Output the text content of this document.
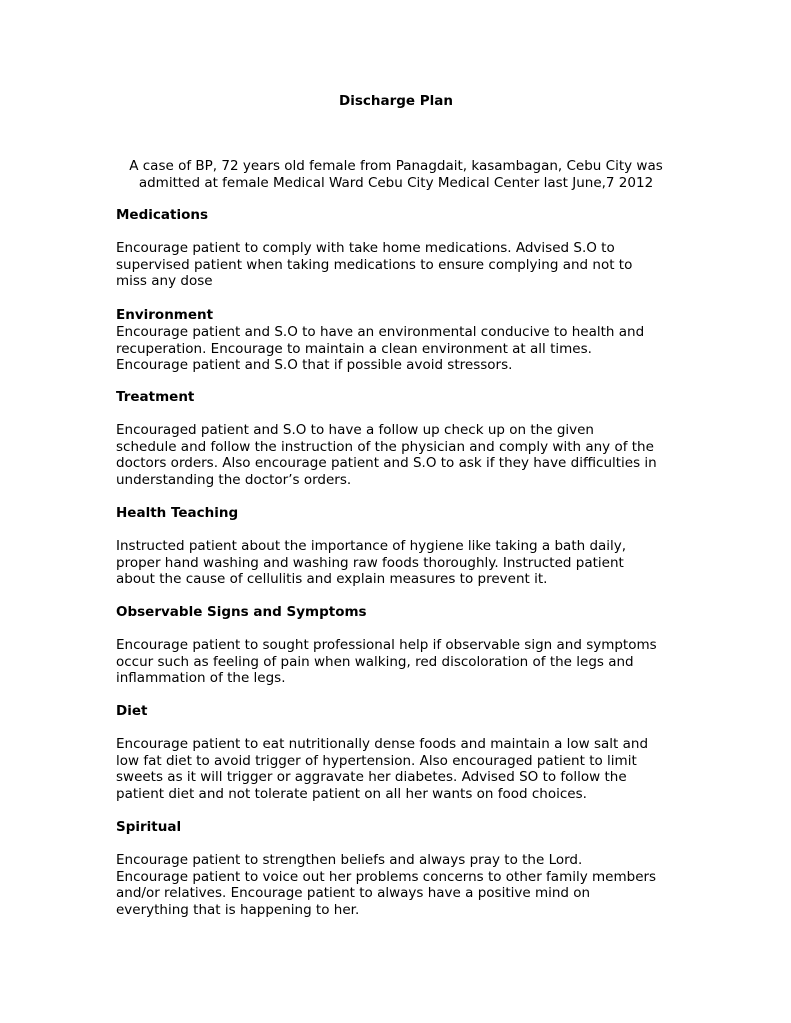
Discharge Plan

A case of BP, 72 years old female from Panagdait, kasambagan, Cebu City was
admitted at female Medical Ward Cebu City Medical Center last June,7 2012

Medications

Encourage patient to comply with take home medications. Advised S.O to

supervised patient when taking medications to ensure complying and not to

miss any dose

Environment

Encourage patient and S.O to have an environmental conducive to health and

recuperation. Encourage to maintain a clean environment at all times.

Encourage patient and S.O that if possible avoid stressors.

Treatment

Encouraged patient and S.O to have a follow up check up on the given

schedule and follow the instruction of the physician and comply with any of the

doctors orders. Also encourage patient and S.O to ask if they have difficulties in

understanding the doctor’s orders.

Health Teaching

Instructed patient about the importance of hygiene like taking a bath daily,

proper hand washing and washing raw foods thoroughly. Instructed patient

about the cause of cellulitis and explain measures to prevent it.

Observable Signs and Symptoms

Encourage patient to sought professional help if observable sign and symptoms

occur such as feeling of pain when walking, red discoloration of the legs and

inflammation of the legs.

Diet

Encourage patient to eat nutritionally dense foods and maintain a low salt and

low fat diet to avoid trigger of hypertension. Also encouraged patient to limit

sweets as it will trigger or aggravate her diabetes. Advised SO to follow the

patient diet and not tolerate patient on all her wants on food choices.

Spiritual

Encourage patient to strengthen beliefs and always pray to the Lord.

Encourage patient to voice out her problems concerns to other family members

and/or relatives. Encourage patient to always have a positive mind on

everything that is happening to her.
